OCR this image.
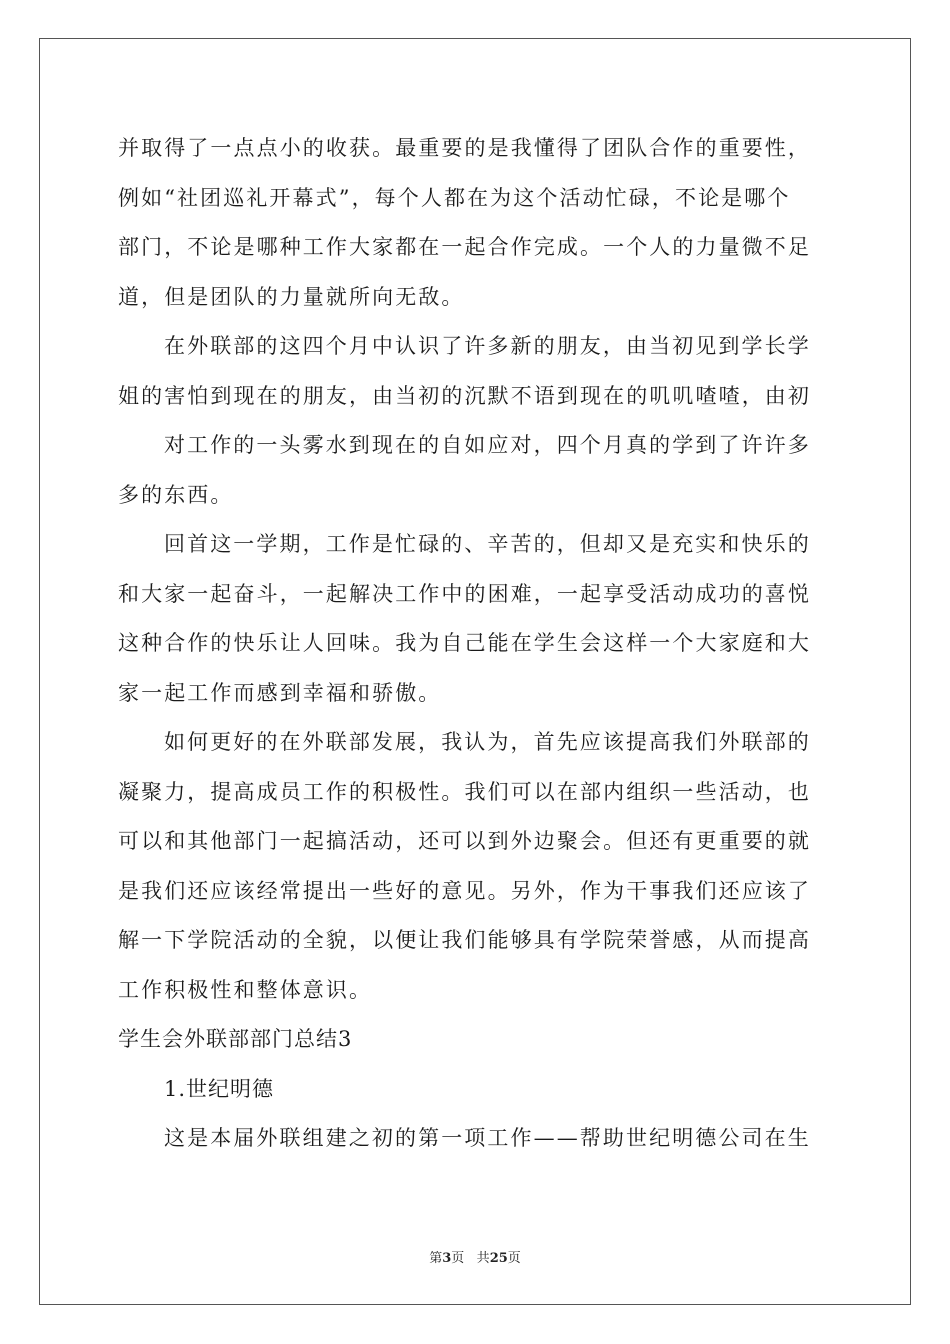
并取得了一点点小的收获。最重要的是我懂得了团队合作的重要性，
例如“社团巡礼开幕式”，每个人都在为这个活动忙碌，不论是哪个
部门，不论是哪种工作大家都在一起合作完成。一个人的力量微不足
道，但是团队的力量就所向无敌。
在外联部的这四个月中认识了许多新的朋友，由当初见到学长学
姐的害怕到现在的朋友，由当初的沉默不语到现在的叽叽喳喳，由初
对工作的一头雾水到现在的自如应对，四个月真的学到了许许多
多的东西。
回首这一学期，工作是忙碌的、辛苦的，但却又是充实和快乐的
和大家一起奋斗，一起解决工作中的困难，一起享受活动成功的喜悦
这种合作的快乐让人回味。我为自己能在学生会这样一个大家庭和大
家一起工作而感到幸福和骄傲。
如何更好的在外联部发展，我认为，首先应该提高我们外联部的
凝聚力，提高成员工作的积极性。我们可以在部内组织一些活动，也
可以和其他部门一起搞活动，还可以到外边聚会。但还有更重要的就
是我们还应该经常提出一些好的意见。另外，作为干事我们还应该了
解一下学院活动的全貌，以便让我们能够具有学院荣誉感，从而提高
工作积极性和整体意识。
学生会外联部部门总结3
1.世纪明德
这是本届外联组建之初的第一项工作——帮助世纪明德公司在生
第3页 共25页
